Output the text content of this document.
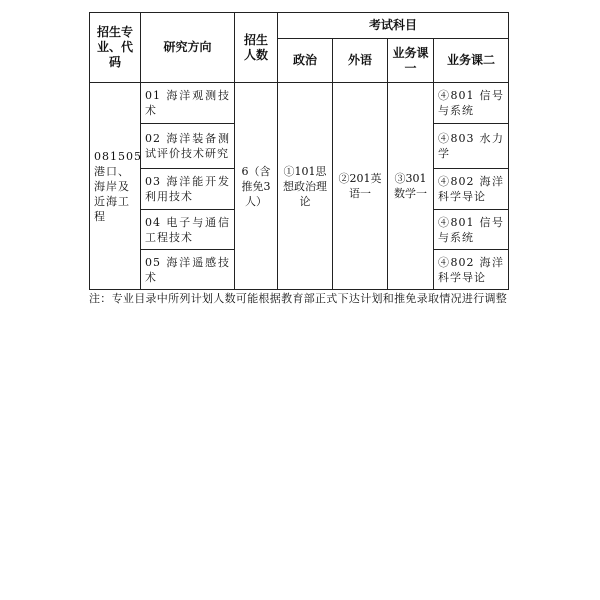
招生专业、代码	研究方向	招生人数	考试科目			
			政治	外语	业务课一	业务课二
081505港口、海岸及近海工程	01 海洋观测技术	6（含推免3人）	①101思想政治理论	②201英语一	③301数学一	④801 信号与系统
	02 海洋装备测试评价技术研究					④803 水力学
	03 海洋能开发利用技术					④802 海洋科学导论
	04 电子与通信工程技术					④801 信号与系统
	05 海洋遥感技术					④802 海洋科学导论
注：专业目录中所列计划人数可能根据教育部正式下达计划和推免录取情况进行调整
